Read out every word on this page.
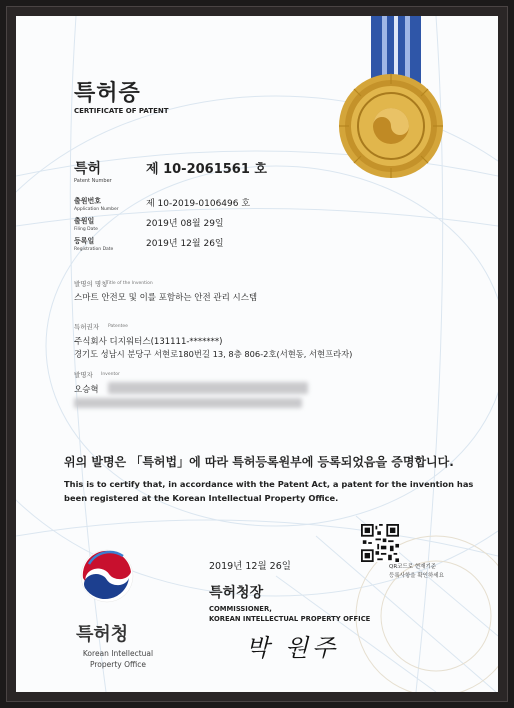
특허증
CERTIFICATE OF PATENT
특허
Patent Number
제 10-2061561 호
출원번호
Application Number
제 10-2019-0106496 호
출원일
Filing Date
2019년 08월 29일
등록일
Registration Date
2019년 12월 26일
발명의 명칭
Title of the Invention
스마트 안전모 및 이를 포함하는 안전 관리 시스템
특허권자 Patentee
주식회사 디지워터스(131111-*******)
경기도 성남시 분당구 서현로180번길 13, 8층 806-2호(서현동, 서현프라자)
발명자 Inventor
오승혁
위의 발명은 「특허법」에 따라 특허등록원부에 등록되었음을 증명합니다.
This is to certify that, in accordance with the Patent Act, a patent for the invention has been registered at the Korean Intellectual Property Office.
2019년 12월 26일
특허청장
COMMISSIONER,
KOREAN INTELLECTUAL PROPERTY OFFICE
박 원주
QR코드로 현재기준
등록사항을 확인하세요
특허청
Korean Intellectual
Property Office
